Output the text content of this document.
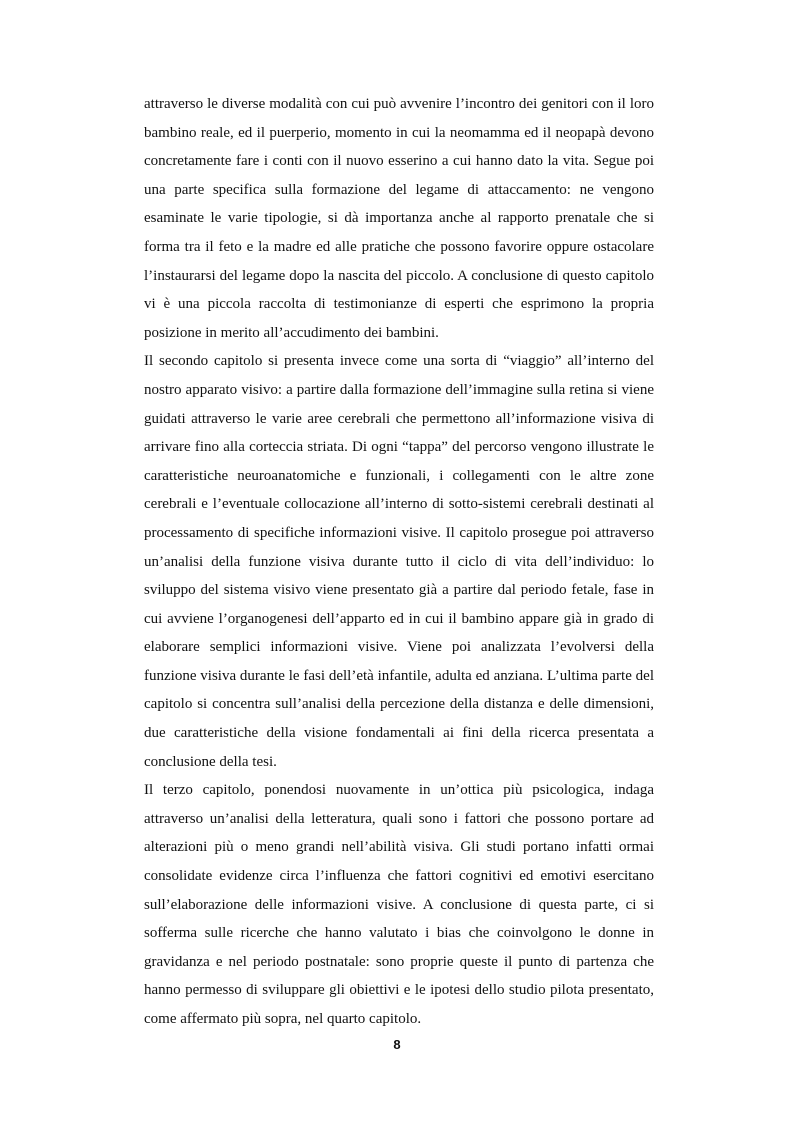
attraverso le diverse modalità con cui può avvenire l’incontro dei genitori con il loro bambino reale, ed il puerperio, momento in cui la neomamma ed il neopapà devono concretamente fare i conti con il nuovo esserino a cui hanno dato la vita. Segue poi una parte specifica sulla formazione del legame di attaccamento: ne vengono esaminate le varie tipologie, si dà importanza anche al rapporto prenatale che si forma tra il feto e la madre ed alle pratiche che possono favorire oppure ostacolare l’instaurarsi del legame dopo la nascita del piccolo. A conclusione di questo capitolo vi è una piccola raccolta di testimonianze di esperti che esprimono la propria posizione in merito all’accudimento dei bambini.

Il secondo capitolo si presenta invece come una sorta di “viaggio” all’interno del nostro apparato visivo: a partire dalla formazione dell’immagine sulla retina si viene guidati attraverso le varie aree cerebrali che permettono all’informazione visiva di arrivare fino alla corteccia striata. Di ogni “tappa” del percorso vengono illustrate le caratteristiche neuroanatomiche e funzionali, i collegamenti con le altre zone cerebrali e l’eventuale collocazione all’interno di sotto-sistemi cerebrali destinati al processamento di specifiche informazioni visive. Il capitolo prosegue poi attraverso un’analisi della funzione visiva durante tutto il ciclo di vita dell’individuo: lo sviluppo del sistema visivo viene presentato già a partire dal periodo fetale, fase in cui avviene l’organogenesi dell’apparto ed in cui il bambino appare già in grado di elaborare semplici informazioni visive. Viene poi analizzata l’evolversi della funzione visiva durante le fasi dell’età infantile, adulta ed anziana. L’ultima parte del capitolo si concentra sull’analisi della percezione della distanza e delle dimensioni, due caratteristiche della visione fondamentali ai fini della ricerca presentata a conclusione della tesi.

Il terzo capitolo, ponendosi nuovamente in un’ottica più psicologica, indaga attraverso un’analisi della letteratura, quali sono i fattori che possono portare ad alterazioni più o meno grandi nell’abilità visiva. Gli studi portano infatti ormai consolidate evidenze circa l’influenza che fattori cognitivi ed emotivi esercitano sull’elaborazione delle informazioni visive. A conclusione di questa parte, ci si sofferma sulle ricerche che hanno valutato i bias che coinvolgono le donne in gravidanza e nel periodo postnatale: sono proprie queste il punto di partenza che hanno permesso di sviluppare gli obiettivi e le ipotesi dello studio pilota presentato, come affermato più sopra, nel quarto capitolo.

8
